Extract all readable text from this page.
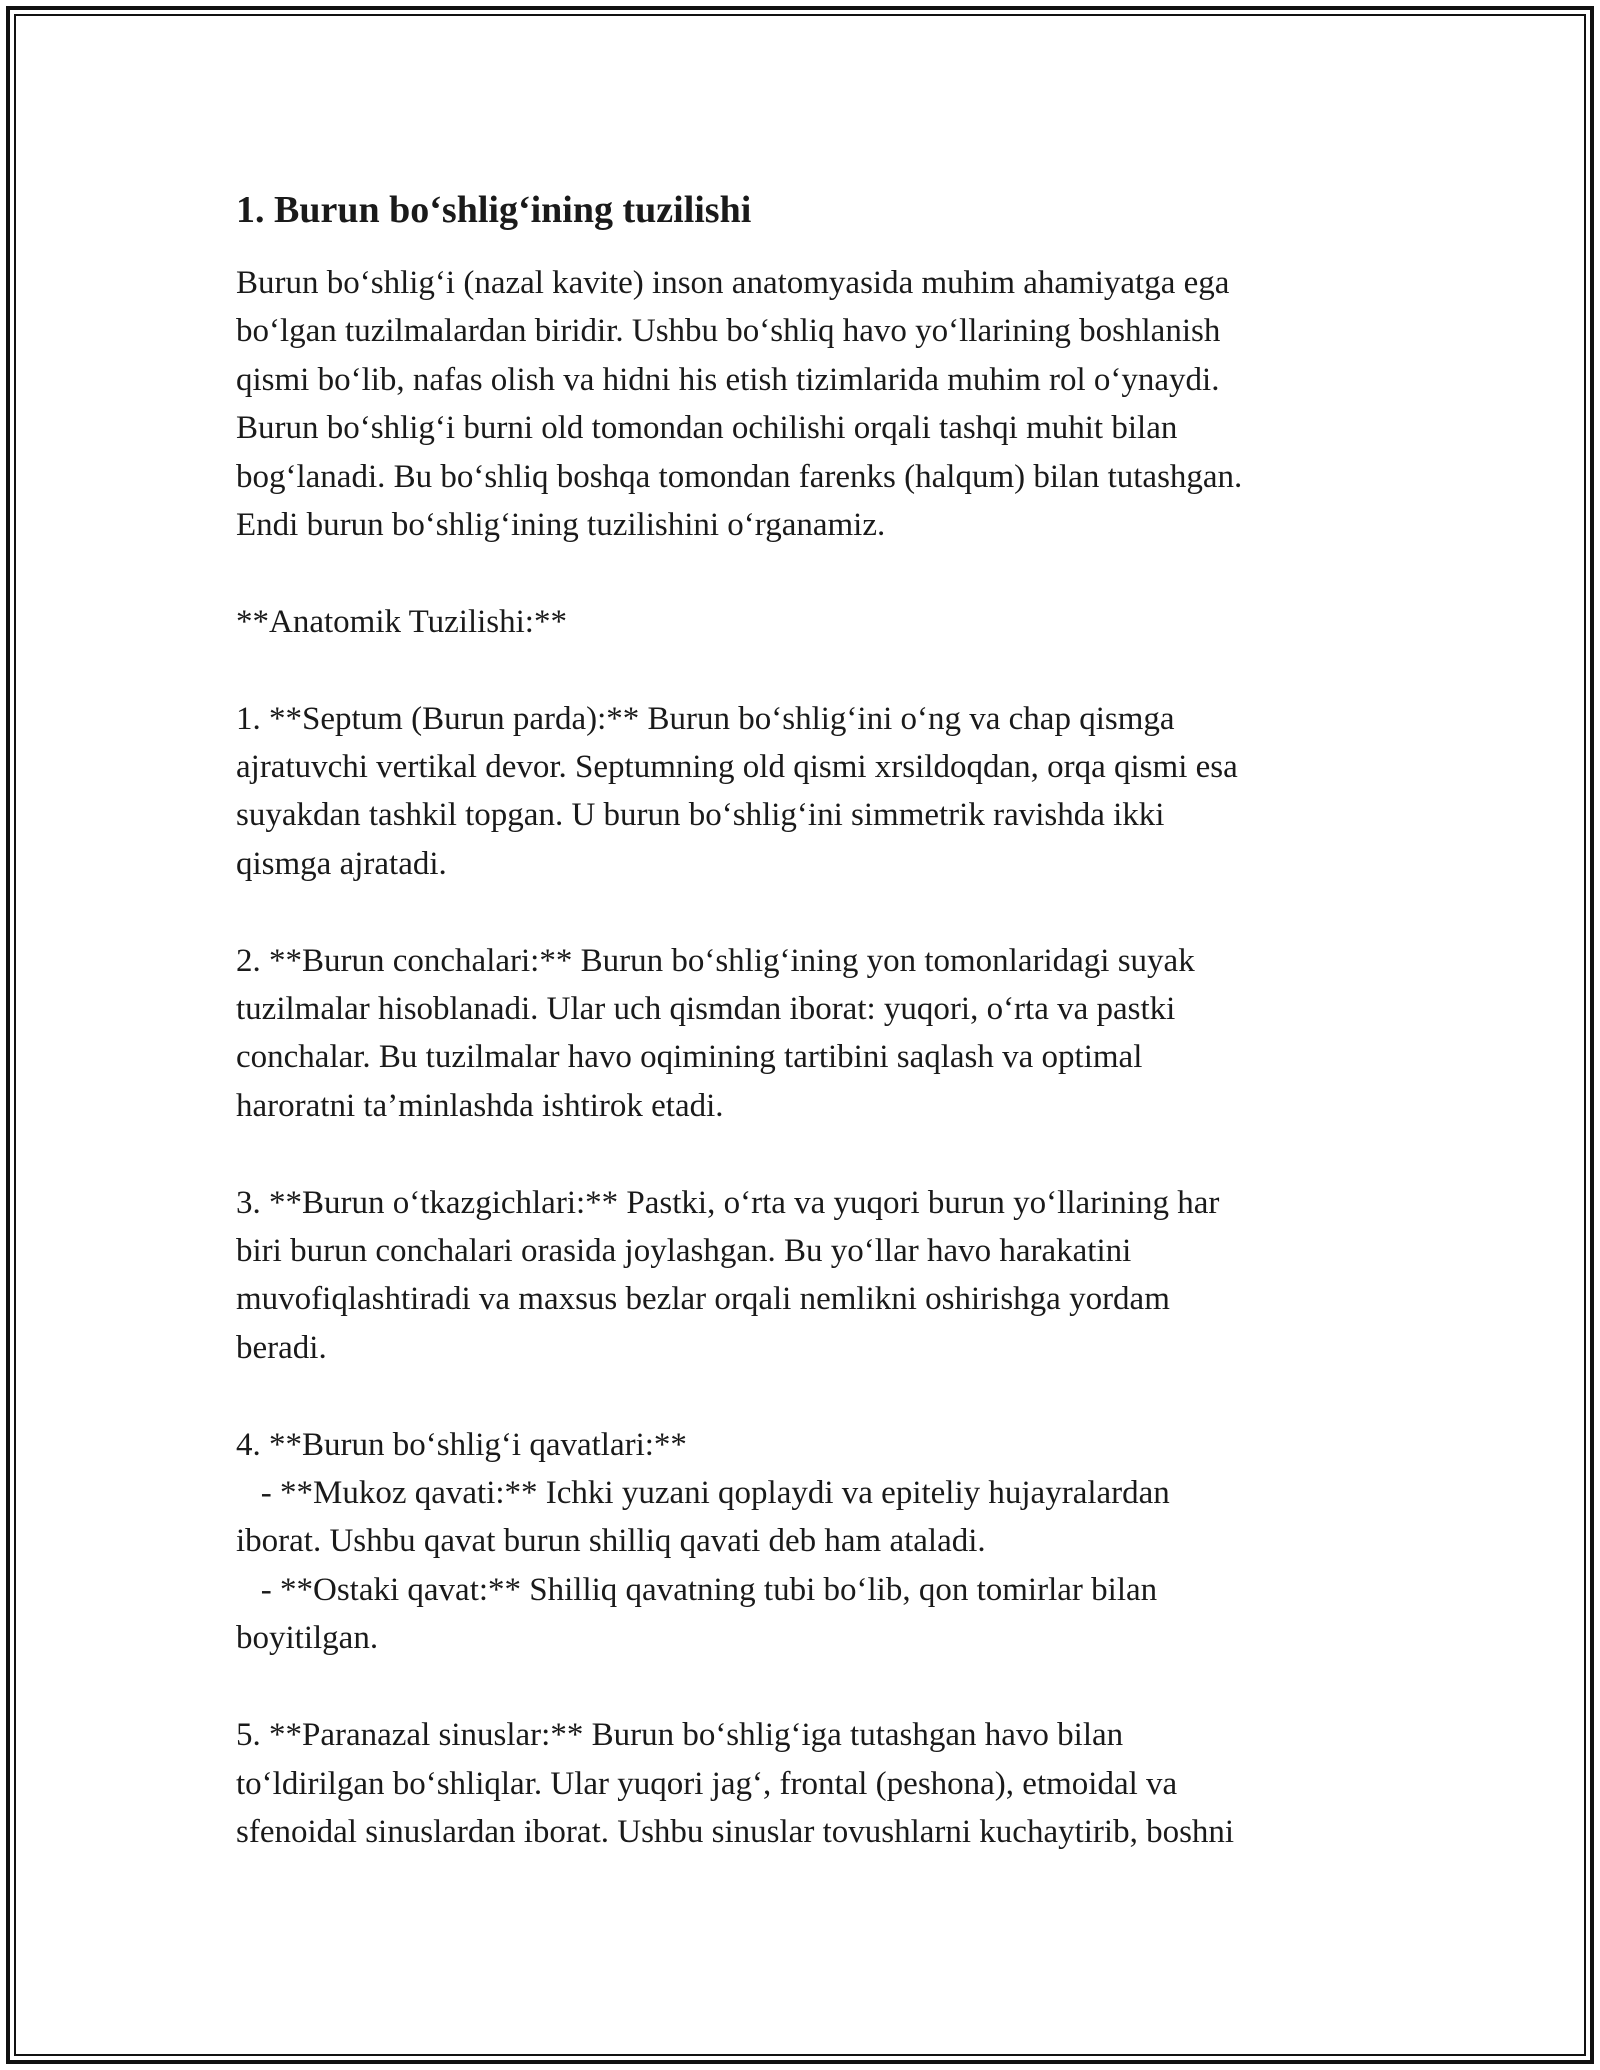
1. Burun bo‘shlig‘ining tuzilishi
Burun bo‘shlig‘i (nazal kavite) inson anatomyasida muhim ahamiyatga ega
bo‘lgan tuzilmalardan biridir. Ushbu bo‘shliq havo yo‘llarining boshlanish
qismi bo‘lib, nafas olish va hidni his etish tizimlarida muhim rol o‘ynaydi.
Burun bo‘shlig‘i burni old tomondan ochilishi orqali tashqi muhit bilan
bog‘lanadi. Bu bo‘shliq boshqa tomondan farenks (halqum) bilan tutashgan.
Endi burun bo‘shlig‘ining tuzilishini o‘rganamiz.
**Anatomik Tuzilishi:**
1. **Septum (Burun parda):** Burun bo‘shlig‘ini o‘ng va chap qismga
ajratuvchi vertikal devor. Septumning old qismi xrsildoqdan, orqa qismi esa
suyakdan tashkil topgan. U burun bo‘shlig‘ini simmetrik ravishda ikki
qismga ajratadi.
2. **Burun conchalari:** Burun bo‘shlig‘ining yon tomonlaridagi suyak
tuzilmalar hisoblanadi. Ular uch qismdan iborat: yuqori, o‘rta va pastki
conchalar. Bu tuzilmalar havo oqimining tartibini saqlash va optimal
haroratni ta’minlashda ishtirok etadi.
3. **Burun o‘tkazgichlari:** Pastki, o‘rta va yuqori burun yo‘llarining har
biri burun conchalari orasida joylashgan. Bu yo‘llar havo harakatini
muvofiqlashtiradi va maxsus bezlar orqali nemlikni oshirishga yordam
beradi.
4. **Burun bo‘shlig‘i qavatlari:**
- **Mukoz qavati:** Ichki yuzani qoplaydi va epiteliy hujayralardan
iborat. Ushbu qavat burun shilliq qavati deb ham ataladi.
- **Ostaki qavat:** Shilliq qavatning tubi bo‘lib, qon tomirlar bilan
boyitilgan.
5. **Paranazal sinuslar:** Burun bo‘shlig‘iga tutashgan havo bilan
to‘ldirilgan bo‘shliqlar. Ular yuqori jag‘, frontal (peshona), etmoidal va
sfenoidal sinuslardan iborat. Ushbu sinuslar tovushlarni kuchaytirib, boshni
